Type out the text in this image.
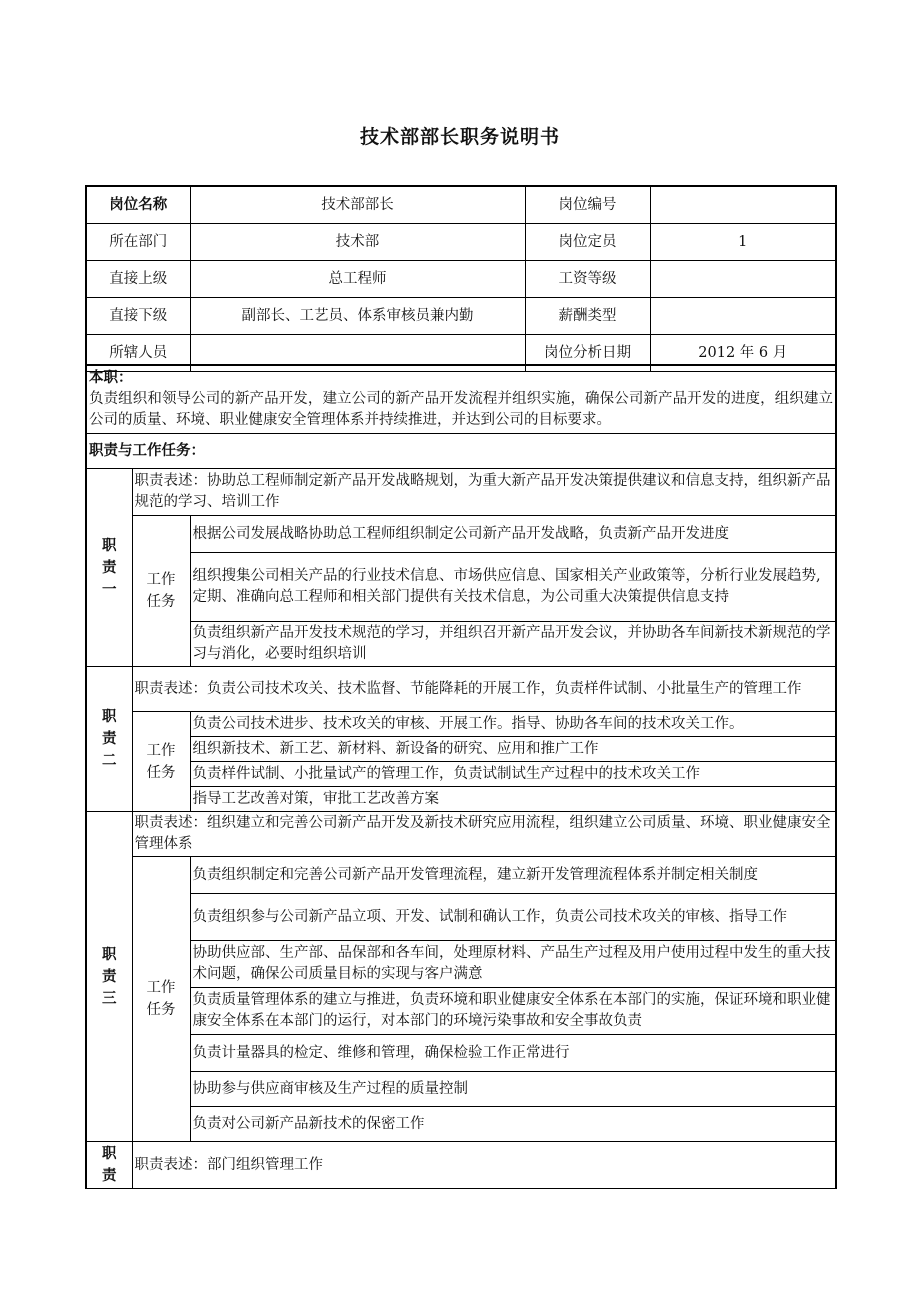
技术部部长职务说明书
岗位名称	技术部部长	岗位编号	
所在部门	技术部	岗位定员	1
直接上级	总工程师	工资等级	
直接下级	副部长、工艺员、体系审核员兼内勤	薪酬类型	
所辖人员		岗位分析日期	2012 年 6 月
本职：
负责组织和领导公司的新产品开发，建立公司的新产品开发流程并组织实施，确保公司新产品开发的进度，组织建立公司的质量、环境、职业健康安全管理体系并持续推进，并达到公司的目标要求。		

职责与工作任务：		

职
责
一	职责表述：协助总工程师制定新产品开发战略规划，为重大新产品开发决策提供建议和信息支持，组织新产品规范的学习、培训工作	

	工作
任务	根据公司发展战略协助总工程师组织制定公司新产品开发战略，负责新产品开发进度
		组织搜集公司相关产品的行业技术信息、市场供应信息、国家相关产业政策等，分析行业发展趋势,定期、准确向总工程师和相关部门提供有关技术信息，为公司重大决策提供信息支持
		负责组织新产品开发技术规范的学习，并组织召开新产品开发会议，并协助各车间新技术新规范的学习与消化，必要时组织培训

职
责
二	职责表述：负责公司技术攻关、技术监督、节能降耗的开展工作，负责样件试制、小批量生产的管理工作	

	工作
任务	负责公司技术进步、技术攻关的审核、开展工作。指导、协助各车间的技术攻关工作。
		组织新技术、新工艺、新材料、新设备的研究、应用和推广工作
		负责样件试制、小批量试产的管理工作，负责试制试生产过程中的技术攻关工作
		指导工艺改善对策，审批工艺改善方案

职
责
三	职责表述：组织建立和完善公司新产品开发及新技术研究应用流程，组织建立公司质量、环境、职业健康安全管理体系	

	工作
任务	负责组织制定和完善公司新产品开发管理流程，建立新开发管理流程体系并制定相关制度
		负责组织参与公司新产品立项、开发、试制和确认工作，负责公司技术攻关的审核、指导工作
		协助供应部、生产部、品保部和各车间，处理原材料、产品生产过程及用户使用过程中发生的重大技术问题，确保公司质量目标的实现与客户满意
		负责质量管理体系的建立与推进，负责环境和职业健康安全体系在本部门的实施，保证环境和职业健康安全体系在本部门的运行，对本部门的环境污染事故和安全事故负责
		负责计量器具的检定、维修和管理，确保检验工作正常进行
		协助参与供应商审核及生产过程的质量控制
		负责对公司新产品新技术的保密工作

职
责	职责表述：部门组织管理工作	
